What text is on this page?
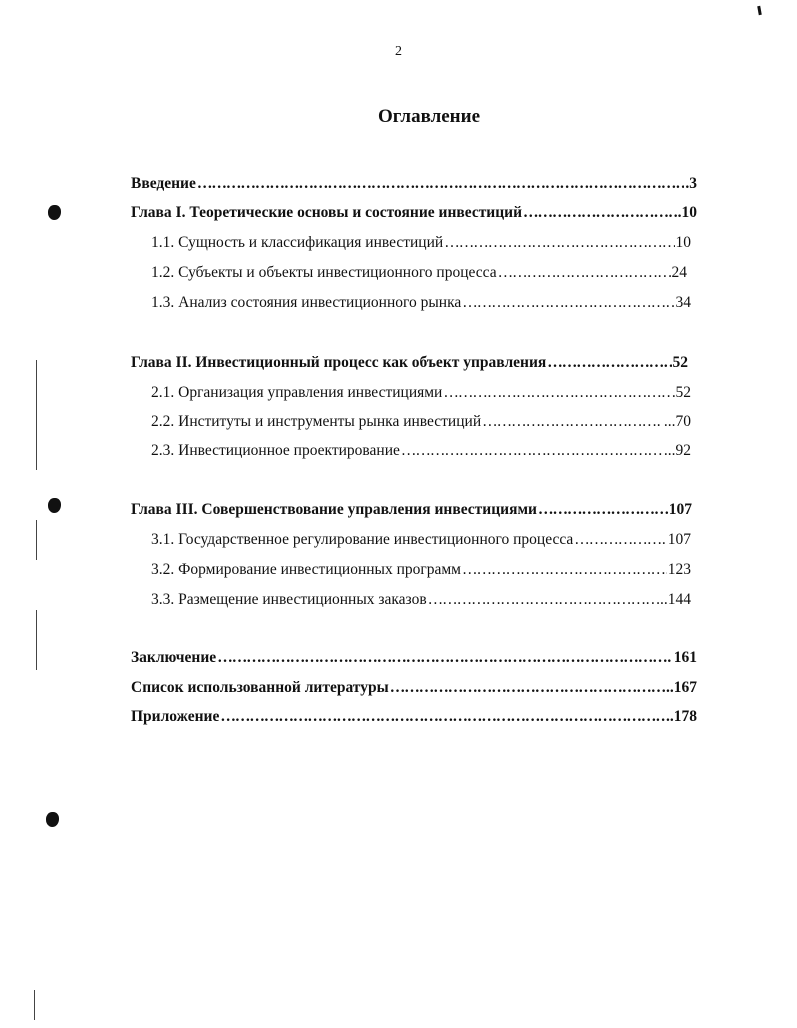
2
Оглавление
Введение …………………………………………………………………………………………………………………………………………	.3
Глава I. Теоретические основы и состояние инвестиций …………………………………………………………………………………………………………………………………………	..10
1.1. Сущность и классификация инвестиций …………………………………………………………………………………………………………………………………………	10
1.2. Субъекты и объекты инвестиционного процесса …………………………………………………………………………………………………………………………………………	24
1.3. Анализ состояния инвестиционного рынка …………………………………………………………………………………………………………………………………………	34
Глава II. Инвестиционный процесс как объект управления …………………………………………………………………………………………………………………………………………	52
2.1. Организация управления инвестициями …………………………………………………………………………………………………………………………………………	52
2.2. Институты и инструменты рынка инвестиций …………………………………………………………………………………………………………………………………………	...70
2.3. Инвестиционное проектирование …………………………………………………………………………………………………………………………………………	...92
Глава III. Совершенствование управления инвестициями …………………………………………………………………………………………………………………………………………	.107
3.1. Государственное регулирование инвестиционного процесса …………………………………………………………………………………………………………………………………………	107
3.2. Формирование инвестиционных программ …………………………………………………………………………………………………………………………………………	123
3.3. Размещение инвестиционных заказов …………………………………………………………………………………………………………………………………………	...144
Заключение …………………………………………………………………………………………………………………………………………	161
Список использованной литературы …………………………………………………………………………………………………………………………………………	..167
Приложение …………………………………………………………………………………………………………………………………………	..178
